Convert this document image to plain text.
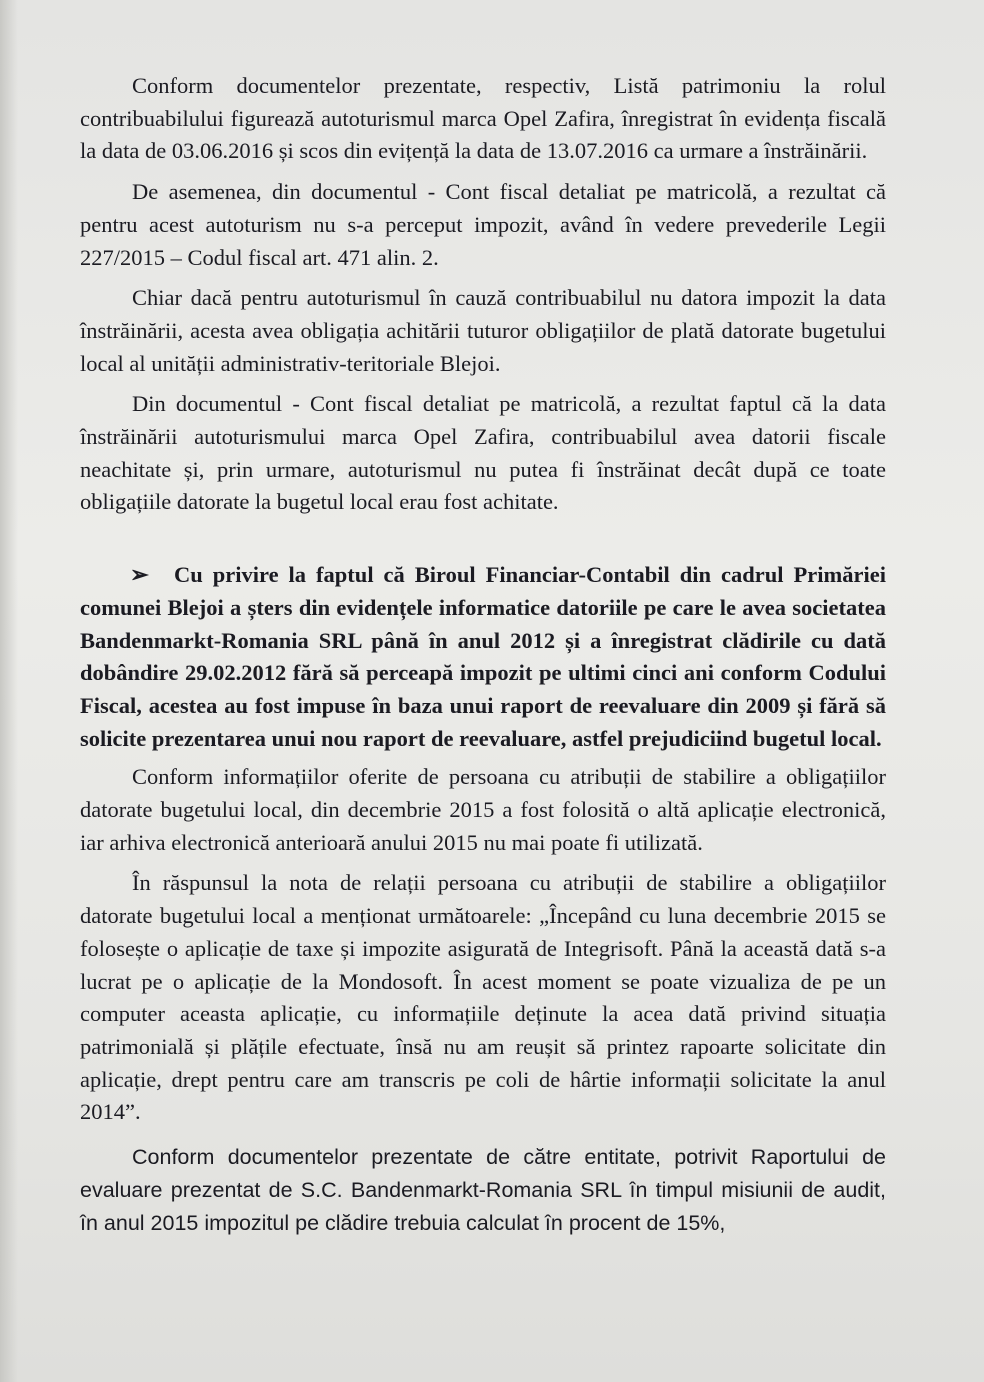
Conform documentelor prezentate, respectiv, Listă patrimoniu la rolul contribuabilului figurează autoturismul marca Opel Zafira, înregistrat în evidența fiscală la data de 03.06.2016 și scos din evițență la data de 13.07.2016 ca urmare a înstrăinării.

De asemenea, din documentul - Cont fiscal detaliat pe matricolă, a rezultat că pentru acest autoturism nu s-a perceput impozit, având în vedere prevederile Legii 227/2015 – Codul fiscal art. 471 alin. 2.

Chiar dacă pentru autoturismul în cauză contribuabilul nu datora impozit la data înstrăinării, acesta avea obligația achitării tuturor obligațiilor de plată datorate bugetului local al unității administrativ-teritoriale Blejoi.

Din documentul - Cont fiscal detaliat pe matricolă, a rezultat faptul că la data înstrăinării autoturismului marca Opel Zafira, contribuabilul avea datorii fiscale neachitate și, prin urmare, autoturismul nu putea fi înstrăinat decât după ce toate obligațiile datorate la bugetul local erau fost achitate.

➢ Cu privire la faptul că Biroul Financiar-Contabil din cadrul Primăriei comunei Blejoi a șters din evidențele informatice datoriile pe care le avea societatea Bandenmarkt-Romania SRL până în anul 2012 și a înregistrat clădirile cu dată dobândire 29.02.2012 fără să perceapă impozit pe ultimi cinci ani conform Codului Fiscal, acestea au fost impuse în baza unui raport de reevaluare din 2009 și fără să solicite prezentarea unui nou raport de reevaluare, astfel prejudiciind bugetul local.

Conform informațiilor oferite de persoana cu atribuții de stabilire a obligațiilor datorate bugetului local, din decembrie 2015 a fost folosită o altă aplicație electronică, iar arhiva electronică anterioară anului 2015 nu mai poate fi utilizată.

În răspunsul la nota de relații persoana cu atribuții de stabilire a obligațiilor datorate bugetului local a menționat următoarele: „Începând cu luna decembrie 2015 se folosește o aplicație de taxe și impozite asigurată de Integrisoft. Până la această dată s-a lucrat pe o aplicație de la Mondosoft. În acest moment se poate vizualiza de pe un computer aceasta aplicație, cu informațiile deținute la acea dată privind situația patrimonială și plățile efectuate, însă nu am reușit să printez rapoarte solicitate din aplicație, drept pentru care am transcris pe coli de hârtie informații solicitate la anul 2014”.

Conform documentelor prezentate de către entitate, potrivit Raportului de evaluare prezentat de S.C. Bandenmarkt-Romania SRL în timpul misiunii de audit, în anul 2015 impozitul pe clădire trebuia calculat în procent de 15%,
